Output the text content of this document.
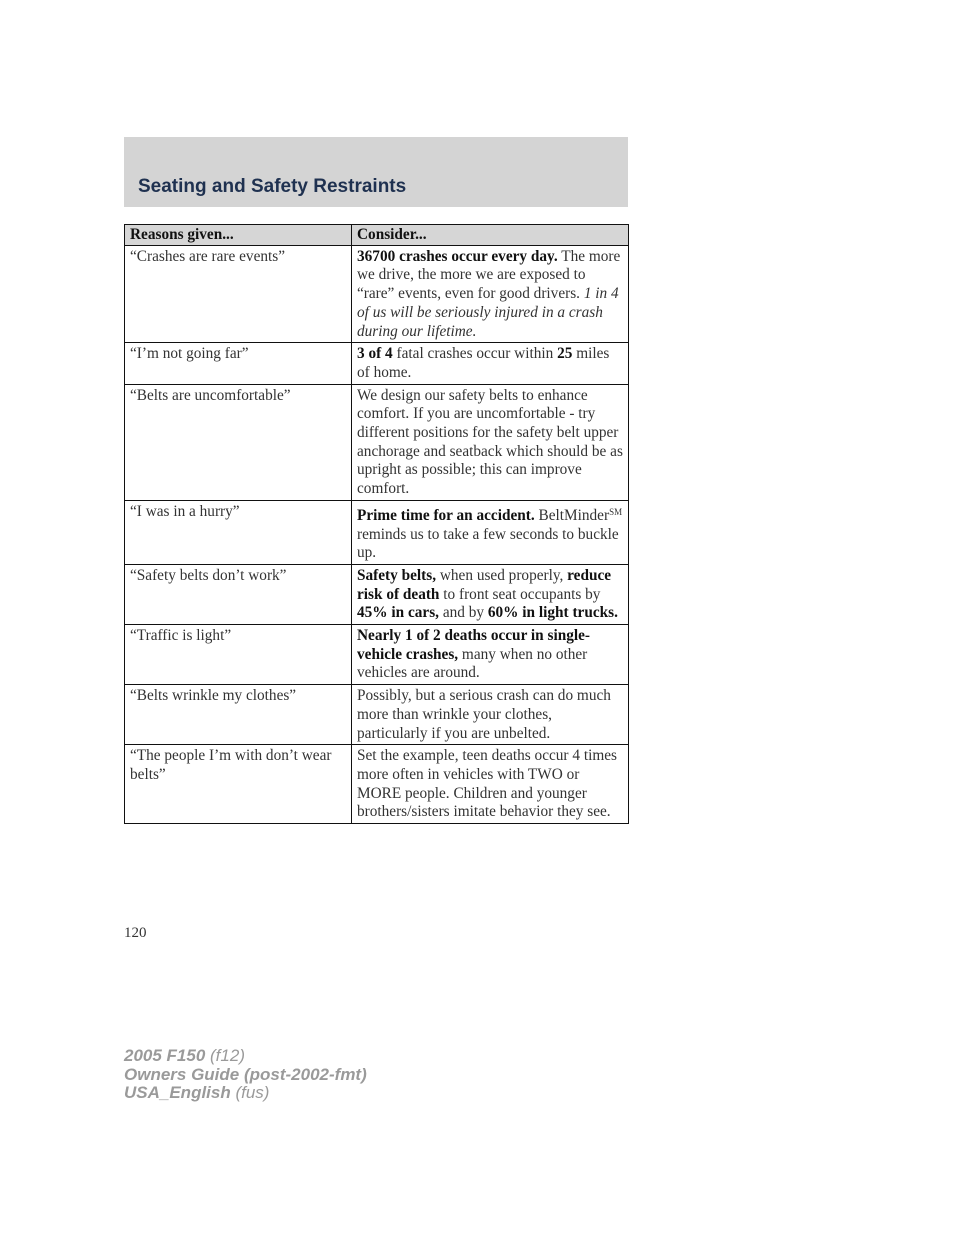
Seating and Safety Restraints
Reasons given...	Consider...
“Crashes are rare events”	36700 crashes occur every day. The more we drive, the more we are exposed to “rare” events, even for good drivers. 1 in 4 of us will be seriously injured in a crash during our lifetime.
“I’m not going far”	3 of 4 fatal crashes occur within 25 miles of home.
“Belts are uncomfortable”	We design our safety belts to enhance comfort. If you are uncomfortable - try different positions for the safety belt upper anchorage and seatback which should be as upright as possible; this can improve comfort.
“I was in a hurry”	Prime time for an accident. BeltMinder℠ reminds us to take a few seconds to buckle up.
“Safety belts don’t work”	Safety belts, when used properly, reduce risk of death to front seat occupants by 45% in cars, and by 60% in light trucks.
“Traffic is light”	Nearly 1 of 2 deaths occur in single-vehicle crashes, many when no other vehicles are around.
“Belts wrinkle my clothes”	Possibly, but a serious crash can do much more than wrinkle your clothes, particularly if you are unbelted.
“The people I’m with don’t wear belts”	Set the example, teen deaths occur 4 times more often in vehicles with TWO or MORE people. Children and younger brothers/sisters imitate behavior they see.
120
2005 F150 (f12)
Owners Guide (post-2002-fmt)
USA_English (fus)
